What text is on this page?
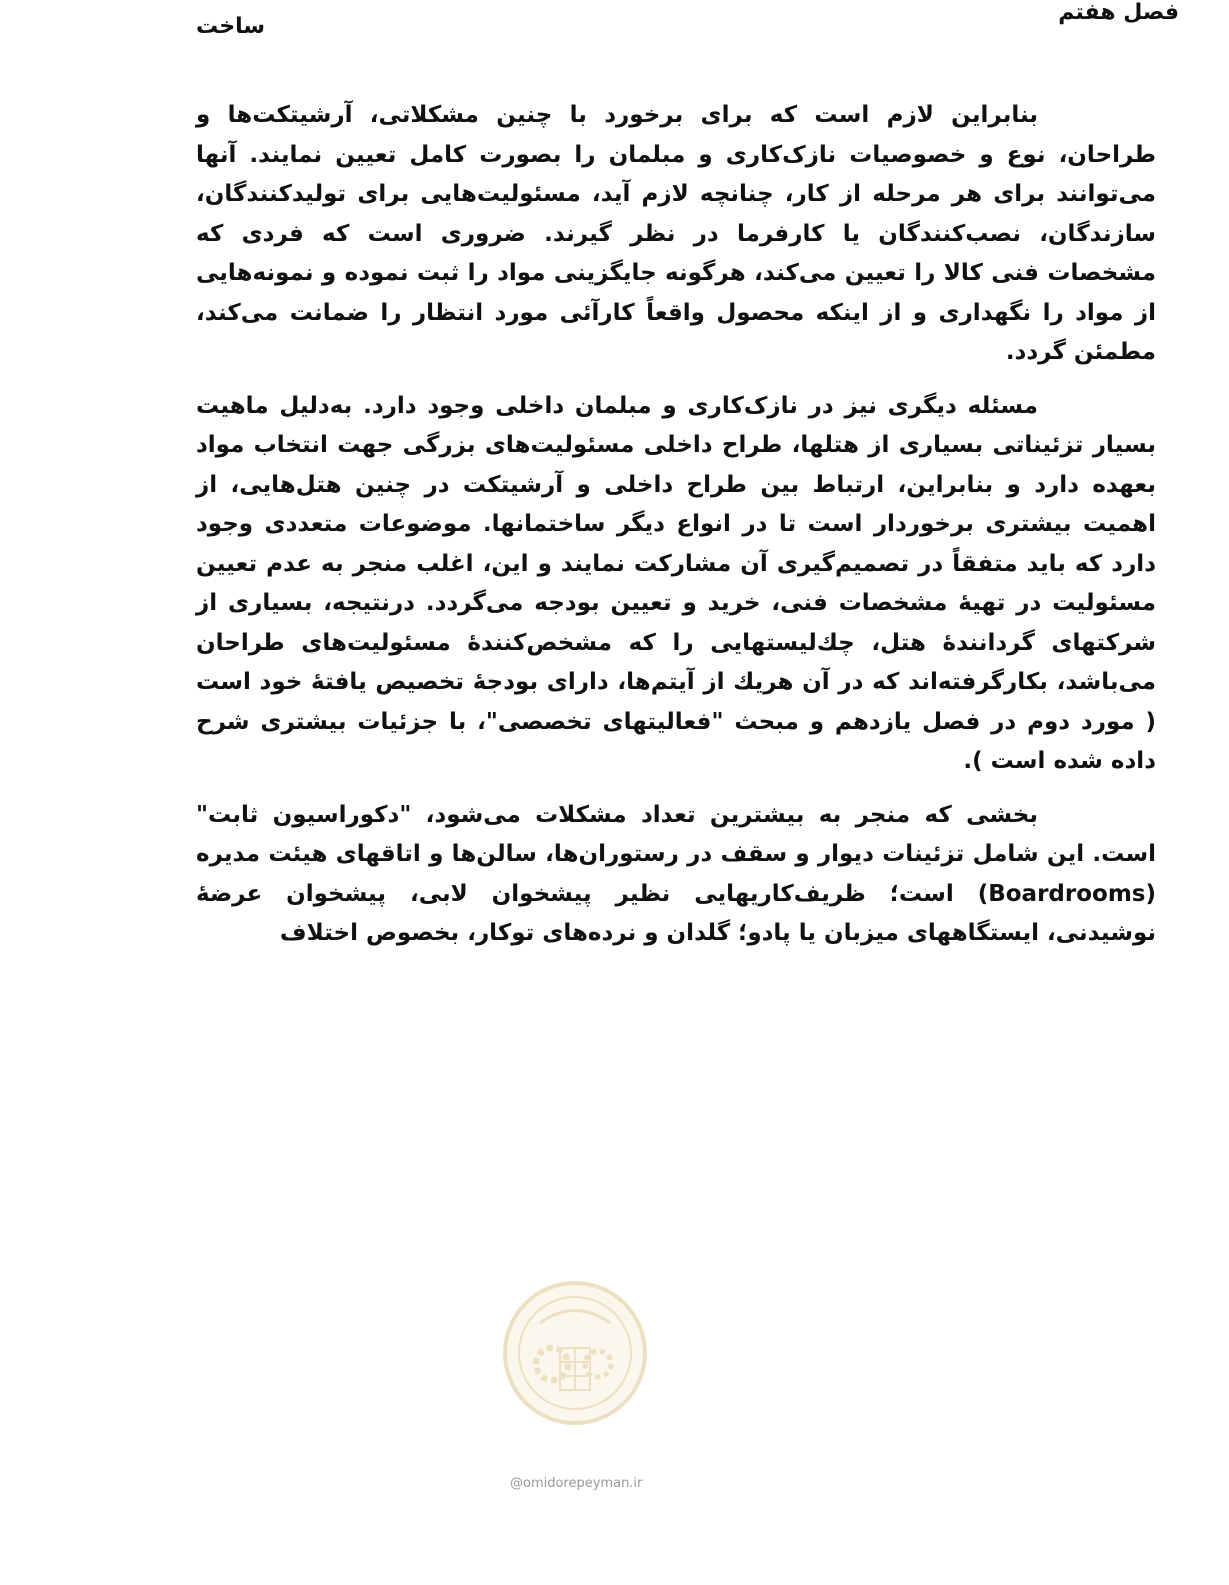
فصل هفتم
ساخت

بنابراین لازم است که برای برخورد با چنین مشکلاتی، آرشیتکت‌ها و طراحان، نوع و خصوصیات نازک‌کاری و مبلمان را بصورت کامل تعیین نمایند. آنها می‌توانند برای هر مرحله از کار، چنانچه لازم آید، مسئولیت‌هایی برای تولیدکنندگان، سازندگان، نصب‌کنندگان یا کارفرما در نظر گیرند. ضروری است که فردی که مشخصات فنی کالا را تعیین می‌کند، هرگونه جایگزینی مواد را ثبت نموده و نمونه‌هایی از مواد را نگهداری و از اینکه محصول واقعاً کارآئی مورد انتظار را ضمانت می‌کند، مطمئن گردد.

مسئله دیگری نیز در نازک‌کاری و مبلمان داخلی وجود دارد. به‌دلیل ماهیت بسیار تزئیناتی بسیاری از هتلها، طراح داخلی مسئولیت‌های بزرگی جهت انتخاب مواد بعهده دارد و بنابراین، ارتباط بین طراح داخلی و آرشیتکت در چنین هتل‌هایی، از اهمیت بیشتری برخوردار است تا در انواع دیگر ساختمانها. موضوعات متعددی وجود دارد که باید متفقاً در تصمیم‌گیری آن مشارکت نمایند و این، اغلب منجر به عدم تعیین مسئولیت در تهیهٔ مشخصات فنی، خرید و تعیین بودجه می‌گردد. درنتیجه، بسیاری از شرکتهای گردانندهٔ هتل، چك‌لیستهایی را که مشخص‌کنندهٔ مسئولیت‌های طراحان می‌باشد، بکارگرفته‌اند که در آن هریك از آیتم‌ها، دارای بودجهٔ تخصیص یافتهٔ خود است ( مورد دوم در فصل یازدهم و مبحث "فعالیتهای تخصصی"، با جزئیات بیشتری شرح داده شده است ).

بخشی که منجر به بیشترین تعداد مشکلات می‌شود، "دکوراسیون ثابت" است. این شامل تزئینات دیوار و سقف در رستوران‌ها، سالن‌ها و اتاقهای هیئت مدیره (Boardrooms) است؛ ظریف‌کاریهایی نظیر پیشخوان لابی، پیشخوان عرضهٔ نوشیدنی، ایستگاههای میزبان یا پادو؛ گلدان و نرده‌های توکار، بخصوص اختلاف

@omidorepeyman.ir
